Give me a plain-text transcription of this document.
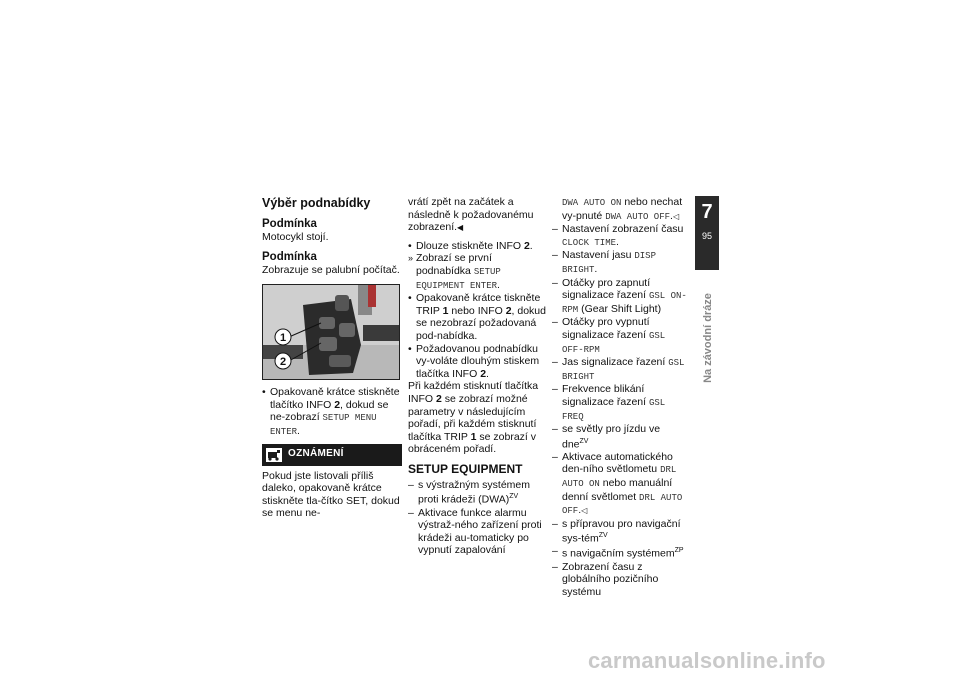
Výběr podnabídky

Podmínka

Motocykl stojí.

Podmínka

Zobrazuje se palubní počítač.

1
2

• Opakovaně krátce stiskněte tlačítko INFO 2, dokud se ne-zobrazí SETUP MENU ENTER.

OZNÁMENÍ

Pokud jste listovali příliš daleko, opakovaně krátce stiskněte tla-čítko SET, dokud se menu ne-

vrátí zpět na začátek a následně k požadovanému zobrazení.◀

• Dlouze stiskněte INFO 2.

» Zobrazí se první podnabídka SETUP EQUIPMENT ENTER.

• Opakovaně krátce tiskněte TRIP 1 nebo INFO 2, dokud se nezobrazí požadovaná pod-nabídka.

• Požadovanou podnabídku vy-voláte dlouhým stiskem tlačítka INFO 2.

Při každém stisknutí tlačítka INFO 2 se zobrazí možné parametry v následujícím pořadí, při každém stisknutí tlačítka TRIP 1 se zobrazí v obráceném pořadí.

SETUP EQUIPMENT

– s výstražným systémem proti krádeži (DWA)$^{ZV}$

– Aktivace funkce alarmu výstraž-ného zařízení proti krádeži au-tomaticky po vypnutí zapalování

DWA AUTO ON nebo nechat vy-pnuté DWA AUTO OFF.◁

– Nastavení zobrazení času CLOCK TIME.

– Nastavení jasu DISP BRIGHT.

– Otáčky pro zapnutí signalizace řazení GSL ON-RPM (Gear Shift Light)

– Otáčky pro vypnutí signalizace řazení GSL OFF-RPM

– Jas signalizace řazení GSL BRIGHT

– Frekvence blikání signalizace řazení GSL FREQ

– se světly pro jízdu ve dne$^{ZV}$

– Aktivace automatického den-ního světlometu DRL AUTO ON nebo manuální denní světlomet DRL AUTO OFF.◁

– s přípravou pro navigační sys-tém$^{ZV}$

– s navigačním systémem$^{ZP}$

– Zobrazení času z globálního pozičního systému

7
95
Na závodní dráze
carmanualsonline.info
